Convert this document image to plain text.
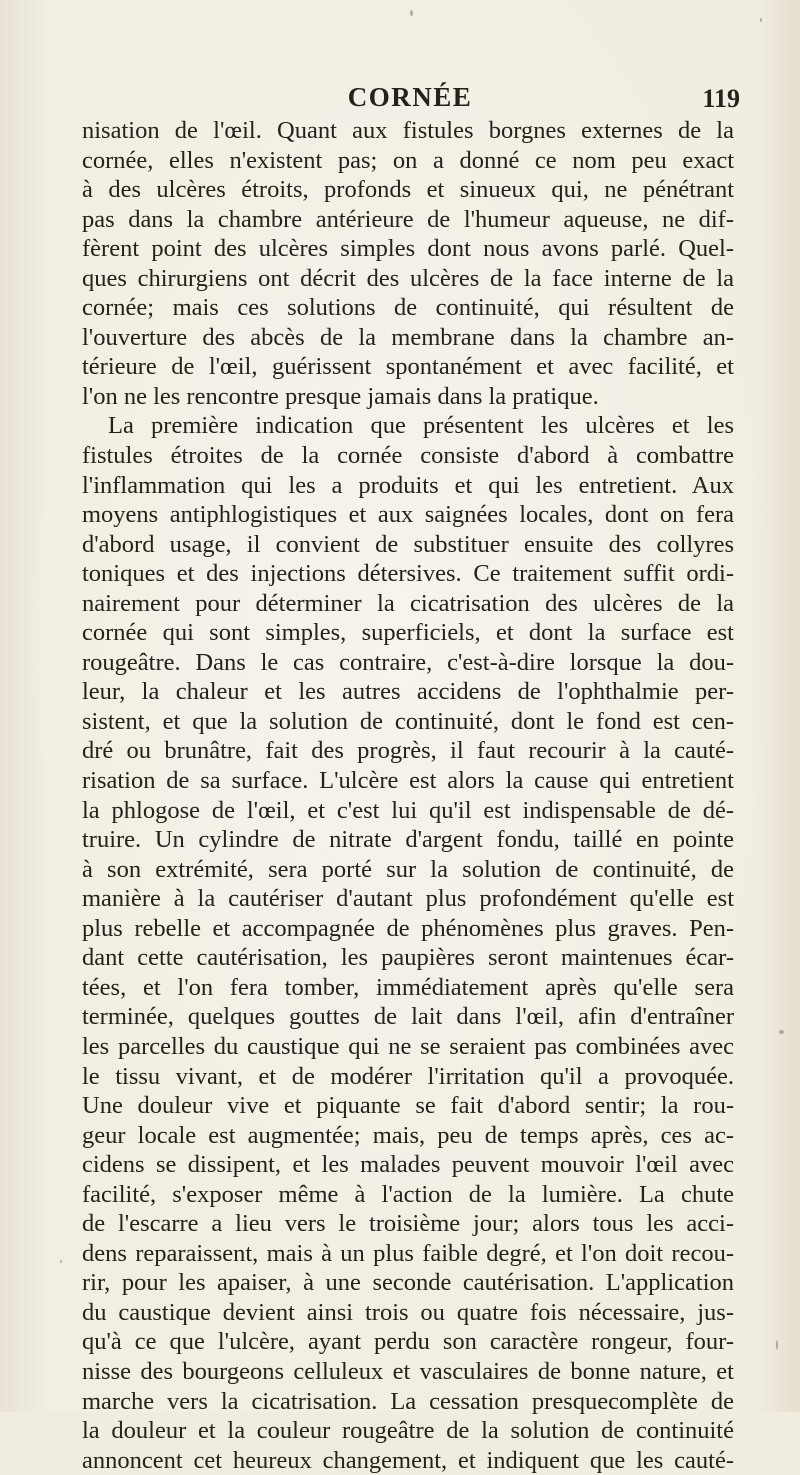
CORNÉE	119
nisation de l'œil. Quant aux fistules borgnes externes de la
cornée, elles n'existent pas; on a donné ce nom peu exact
à des ulcères étroits, profonds et sinueux qui, ne pénétrant
pas dans la chambre antérieure de l'humeur aqueuse, ne dif-
fèrent point des ulcères simples dont nous avons parlé. Quel-
ques chirurgiens ont décrit des ulcères de la face interne de la
cornée; mais ces solutions de continuité, qui résultent de
l'ouverture des abcès de la membrane dans la chambre an-
térieure de l'œil, guérissent spontanément et avec facilité, et
l'on ne les rencontre presque jamais dans la pratique.
La première indication que présentent les ulcères et les
fistules étroites de la cornée consiste d'abord à combattre
l'inflammation qui les a produits et qui les entretient. Aux
moyens antiphlogistiques et aux saignées locales, dont on fera
d'abord usage, il convient de substituer ensuite des collyres
toniques et des injections détersives. Ce traitement suffit ordi-
nairement pour déterminer la cicatrisation des ulcères de la
cornée qui sont simples, superficiels, et dont la surface est
rougeâtre. Dans le cas contraire, c'est-à-dire lorsque la dou-
leur, la chaleur et les autres accidens de l'ophthalmie per-
sistent, et que la solution de continuité, dont le fond est cen-
dré ou brunâtre, fait des progrès, il faut recourir à la cauté-
risation de sa surface. L'ulcère est alors la cause qui entretient
la phlogose de l'œil, et c'est lui qu'il est indispensable de dé-
truire. Un cylindre de nitrate d'argent fondu, taillé en pointe
à son extrémité, sera porté sur la solution de continuité, de
manière à la cautériser d'autant plus profondément qu'elle est
plus rebelle et accompagnée de phénomènes plus graves. Pen-
dant cette cautérisation, les paupières seront maintenues écar-
tées, et l'on fera tomber, immédiatement après qu'elle sera
terminée, quelques gouttes de lait dans l'œil, afin d'entraîner
les parcelles du caustique qui ne se seraient pas combinées avec
le tissu vivant, et de modérer l'irritation qu'il a provoquée.
Une douleur vive et piquante se fait d'abord sentir; la rou-
geur locale est augmentée; mais, peu de temps après, ces ac-
cidens se dissipent, et les malades peuvent mouvoir l'œil avec
facilité, s'exposer même à l'action de la lumière. La chute
de l'escarre a lieu vers le troisième jour; alors tous les acci-
dens reparaissent, mais à un plus faible degré, et l'on doit recou-
rir, pour les apaiser, à une seconde cautérisation. L'application
du caustique devient ainsi trois ou quatre fois nécessaire, jus-
qu'à ce que l'ulcère, ayant perdu son caractère rongeur, four-
nisse des bourgeons celluleux et vasculaires de bonne nature, et
marche vers la cicatrisation. La cessation presquecomplète de
la douleur et la couleur rougeâtre de la solution de continuité
annoncent cet heureux changement, et indiquent que les cauté-
